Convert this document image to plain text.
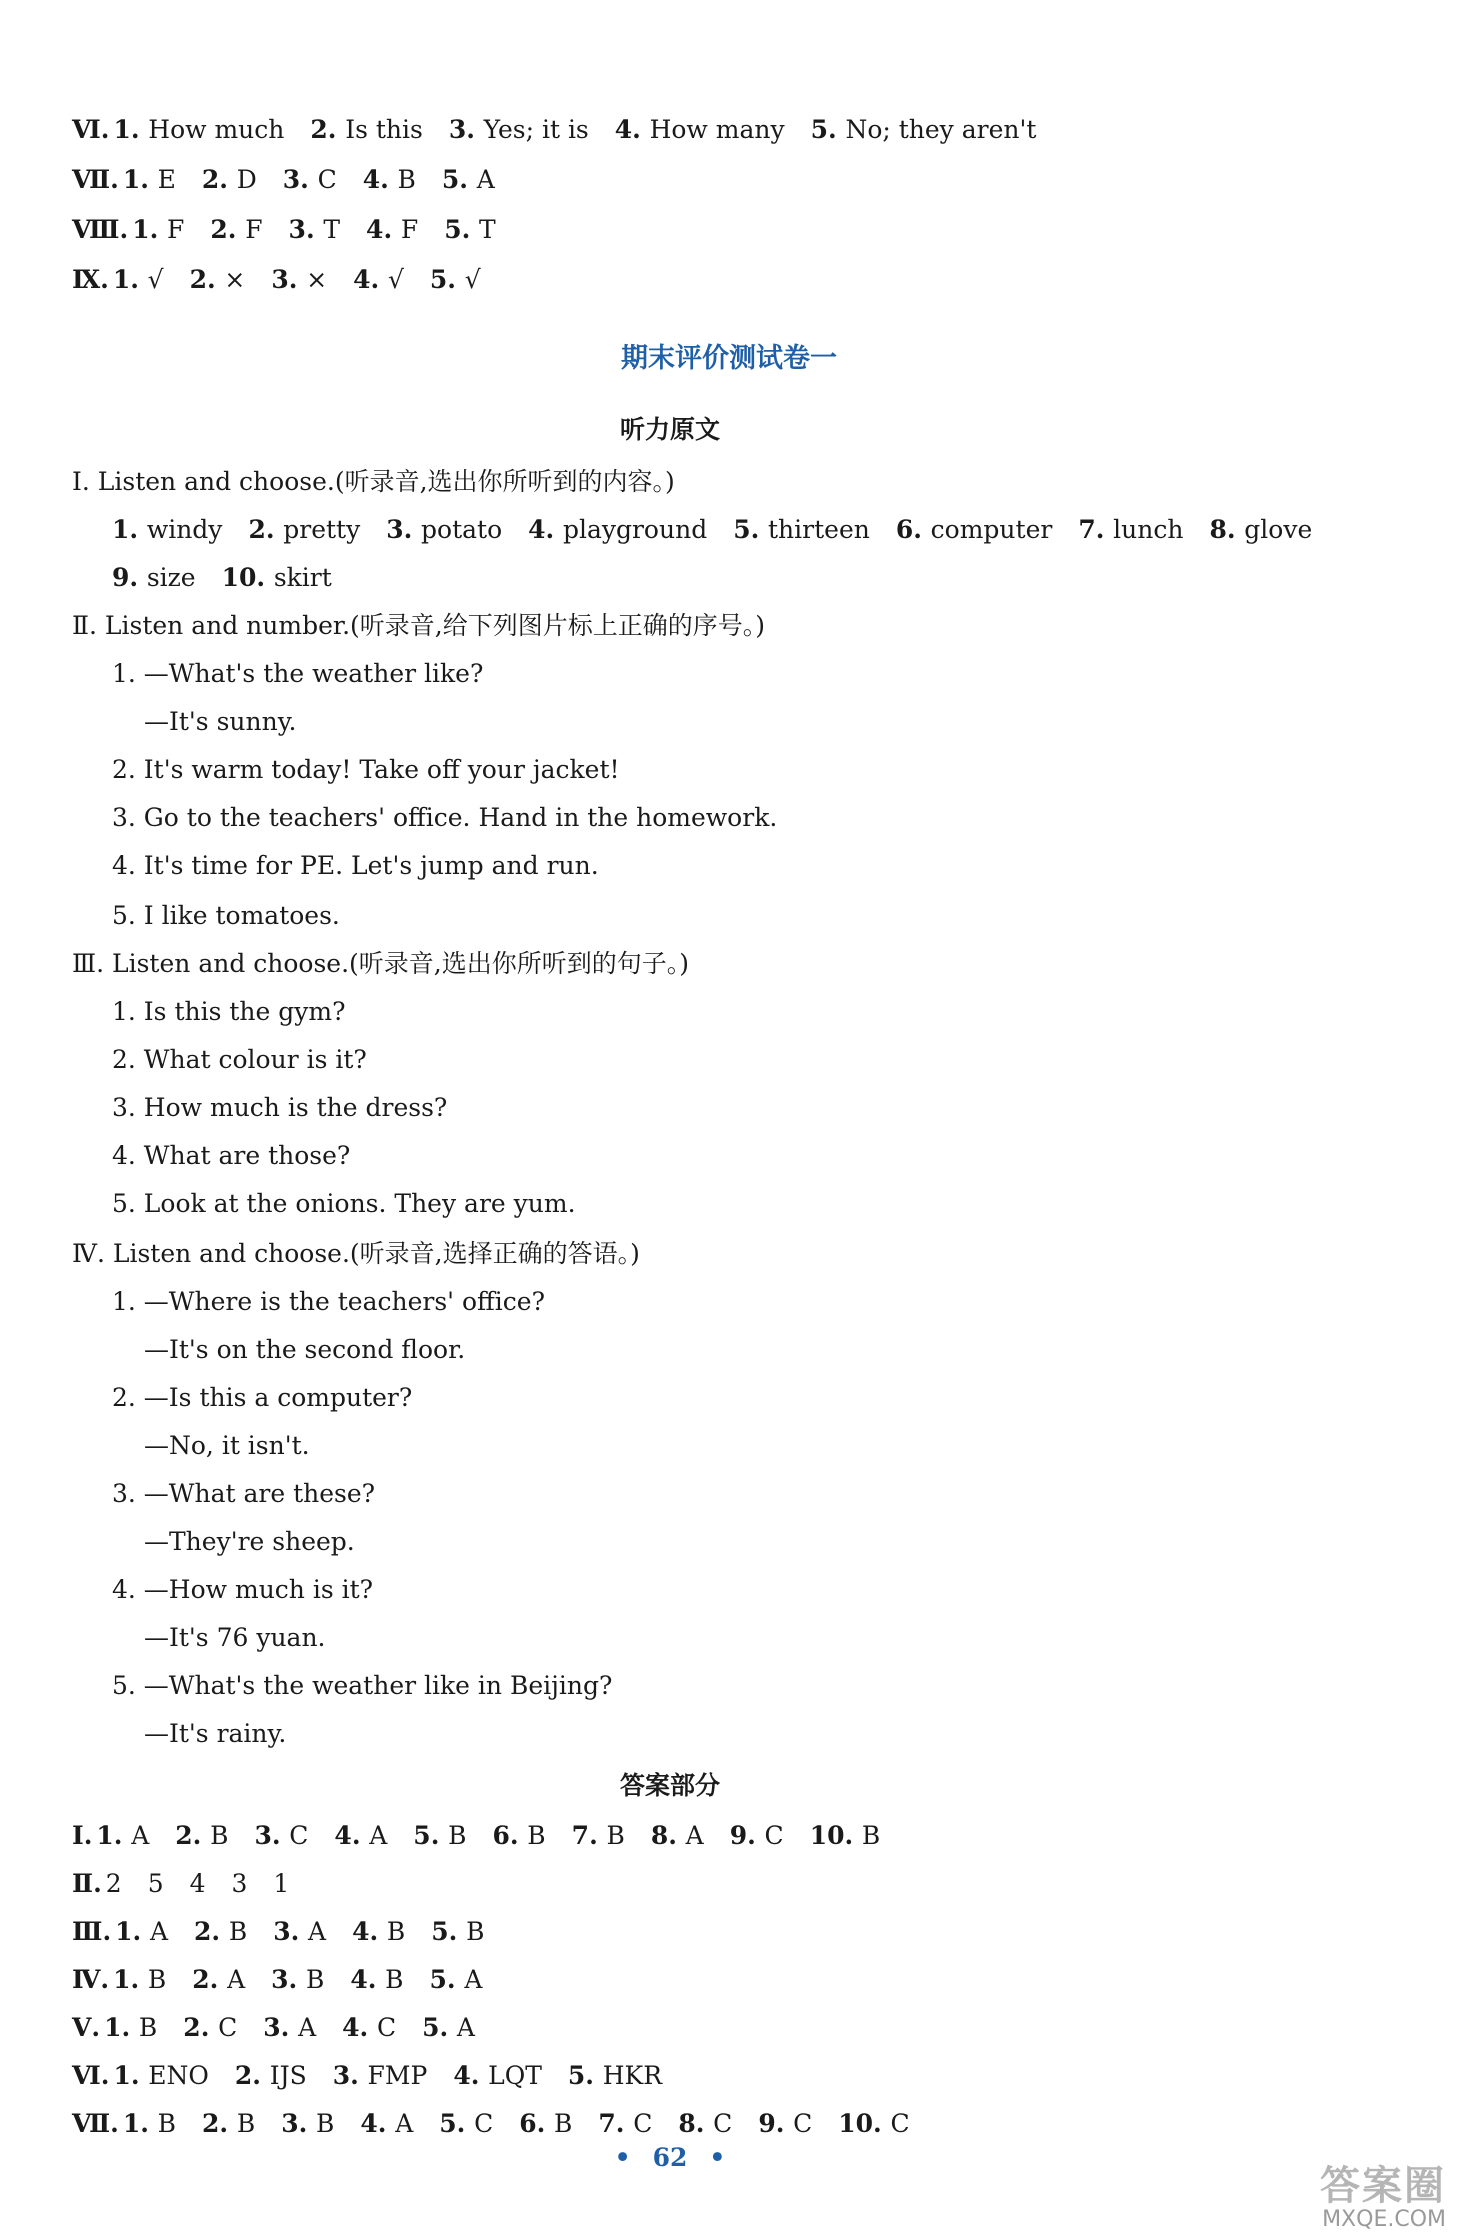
Ⅵ. 1. How much 2. Is this 3. Yes; it is 4. How many 5. No; they aren't
Ⅶ. 1. E 2. D 3. C 4. B 5. A
Ⅷ. 1. F 2. F 3. T 4. F 5. T
Ⅸ. 1. √ 2. × 3. × 4. √ 5. √
期末评价测试卷一
听力原文
Ⅰ. Listen and choose.(听录音,选出你所听到的内容。)
1. windy 2. pretty 3. potato 4. playground 5. thirteen 6. computer 7. lunch 8. glove
9. size 10. skirt
Ⅱ. Listen and number.(听录音,给下列图片标上正确的序号。)
1. —What's the weather like?
—It's sunny.
2. It's warm today! Take off your jacket!
3. Go to the teachers' office. Hand in the homework.
4. It's time for PE. Let's jump and run.
5. I like tomatoes.
Ⅲ. Listen and choose.(听录音,选出你所听到的句子。)
1. Is this the gym?
2. What colour is it?
3. How much is the dress?
4. What are those?
5. Look at the onions. They are yum.
Ⅳ. Listen and choose.(听录音,选择正确的答语。)
1. —Where is the teachers' office?
—It's on the second floor.
2. —Is this a computer?
—No, it isn't.
3. —What are these?
—They're sheep.
4. —How much is it?
—It's 76 yuan.
5. —What's the weather like in Beijing?
—It's rainy.
答案部分
Ⅰ. 1. A 2. B 3. C 4. A 5. B 6. B 7. B 8. A 9. C 10. B
Ⅱ. 2 5 4 3 1
Ⅲ. 1. A 2. B 3. A 4. B 5. B
Ⅳ. 1. B 2. A 3. B 4. B 5. A
Ⅴ. 1. B 2. C 3. A 4. C 5. A
Ⅵ. 1. ENO 2. IJS 3. FMP 4. LQT 5. HKR
Ⅶ. 1. B 2. B 3. B 4. A 5. C 6. B 7. C 8. C 9. C 10. C
• 62 •
答案圈
MXQE.COM
